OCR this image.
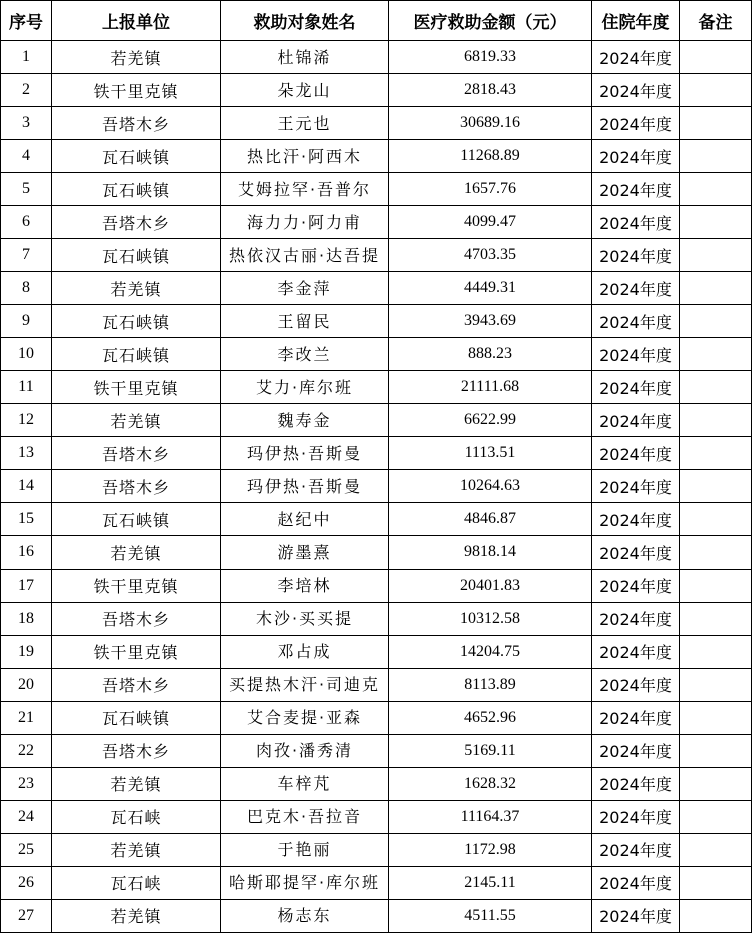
序号	上报单位	救助对象姓名	医疗救助金额（元）	住院年度	备注
1	若羌镇	杜锦浠	6819.33	2024年度	
2	铁干里克镇	朵龙山	2818.43	2024年度	
3	吾塔木乡	王元也	30689.16	2024年度	
4	瓦石峡镇	热比汗·阿西木	11268.89	2024年度	
5	瓦石峡镇	艾姆拉罕·吾普尔	1657.76	2024年度	
6	吾塔木乡	海力力·阿力甫	4099.47	2024年度	
7	瓦石峡镇	热依汉古丽·达吾提	4703.35	2024年度	
8	若羌镇	李金萍	4449.31	2024年度	
9	瓦石峡镇	王留民	3943.69	2024年度	
10	瓦石峡镇	李改兰	888.23	2024年度	
11	铁干里克镇	艾力·库尔班	21111.68	2024年度	
12	若羌镇	魏寿金	6622.99	2024年度	
13	吾塔木乡	玛伊热·吾斯曼	1113.51	2024年度	
14	吾塔木乡	玛伊热·吾斯曼	10264.63	2024年度	
15	瓦石峡镇	赵纪中	4846.87	2024年度	
16	若羌镇	游墨熹	9818.14	2024年度	
17	铁干里克镇	李培林	20401.83	2024年度	
18	吾塔木乡	木沙·买买提	10312.58	2024年度	
19	铁干里克镇	邓占成	14204.75	2024年度	
20	吾塔木乡	买提热木汗·司迪克	8113.89	2024年度	
21	瓦石峡镇	艾合麦提·亚森	4652.96	2024年度	
22	吾塔木乡	肉孜·潘秀清	5169.11	2024年度	
23	若羌镇	车梓芃	1628.32	2024年度	
24	瓦石峡	巴克木·吾拉音	11164.37	2024年度	
25	若羌镇	于艳丽	1172.98	2024年度	
26	瓦石峡	哈斯耶提罕·库尔班	2145.11	2024年度	
27	若羌镇	杨志东	4511.55	2024年度	
